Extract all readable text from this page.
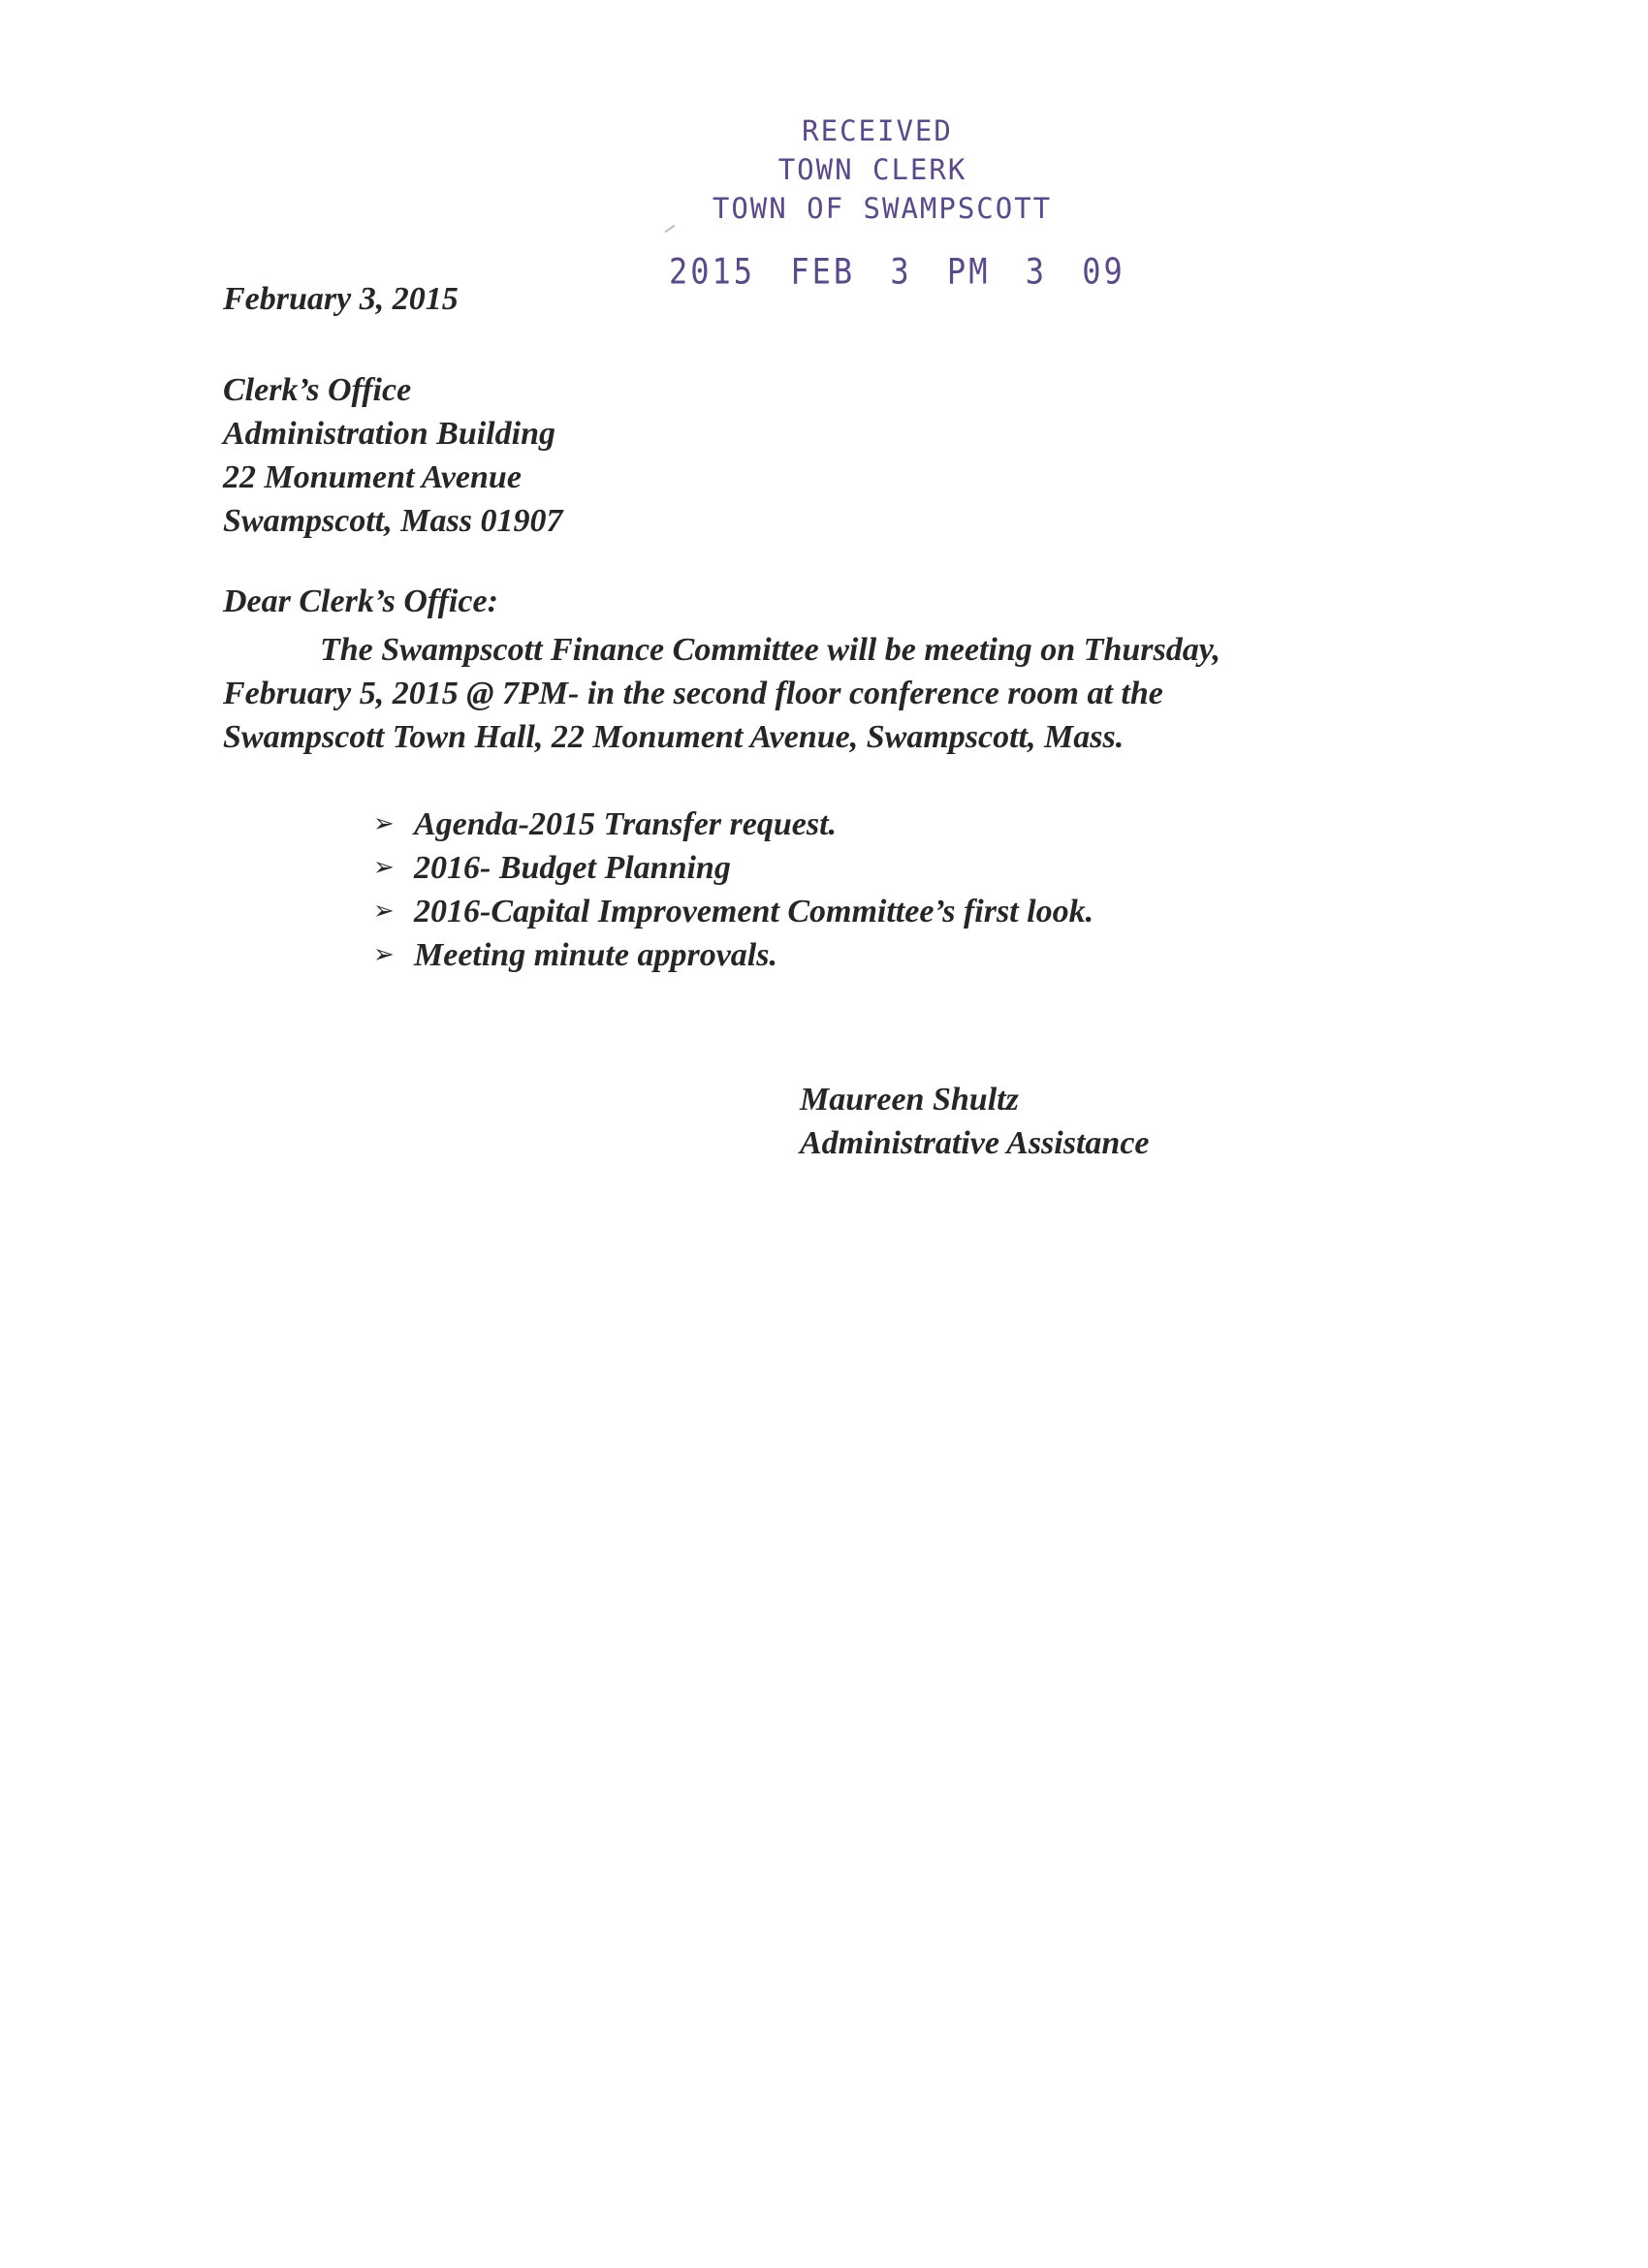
RECEIVED
TOWN CLERK
TOWN OF SWAMPSCOTT
2015 FEB 3 PM 3 09
February 3, 2015
Clerk’s Office
Administration Building
22 Monument Avenue
Swampscott, Mass 01907
Dear Clerk’s Office:
The Swampscott Finance Committee will be meeting on Thursday,
February 5, 2015 @ 7PM- in the second floor conference room at the
Swampscott Town Hall, 22 Monument Avenue, Swampscott, Mass.
➢ Agenda-2015 Transfer request.
➢ 2016- Budget Planning
➢ 2016-Capital Improvement Committee’s first look.
➢ Meeting minute approvals.
Maureen Shultz
Administrative Assistance
